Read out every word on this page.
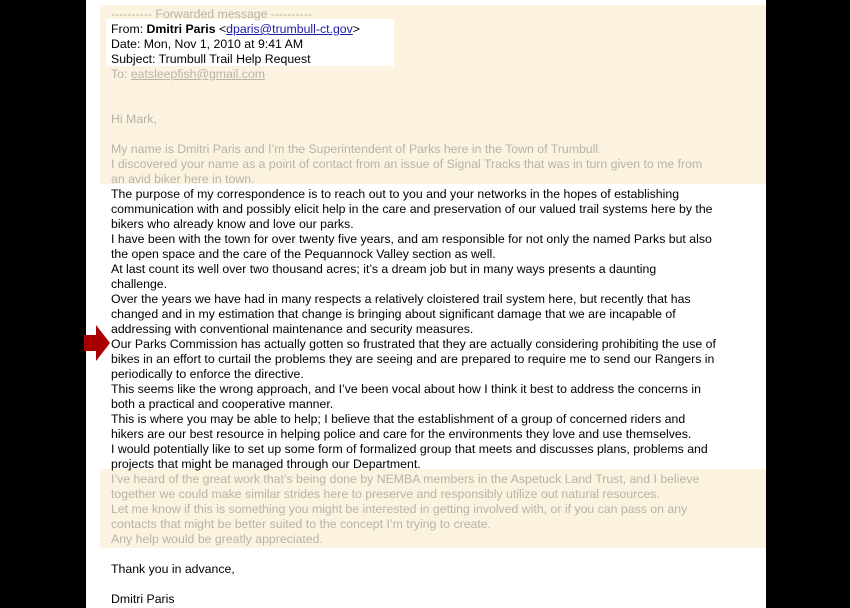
---------- Forwarded message ----------
From: Dmitri Paris <dparis@trumbull-ct.gov>
Date: Mon, Nov 1, 2010 at 9:41 AM
Subject: Trumbull Trail Help Request
To: eatsleepfish@gmail.com
Hi Mark,
My name is Dmitri Paris and I’m the Superintendent of Parks here in the Town of Trumbull.
I discovered your name as a point of contact from an issue of Signal Tracks that was in turn given to me from
an avid biker here in town.
The purpose of my correspondence is to reach out to you and your networks in the hopes of establishing
communication with and possibly elicit help in the care and preservation of our valued trail systems here by the
bikers who already know and love our parks.
I have been with the town for over twenty five years, and am responsible for not only the named Parks but also
the open space and the care of the Pequannock Valley section as well.
At last count its well over two thousand acres; it’s a dream job but in many ways presents a daunting
challenge.
Over the years we have had in many respects a relatively cloistered trail system here, but recently that has
changed and in my estimation that change is bringing about significant damage that we are incapable of
addressing with conventional maintenance and security measures.
Our Parks Commission has actually gotten so frustrated that they are actually considering prohibiting the use of
bikes in an effort to curtail the problems they are seeing and are prepared to require me to send our Rangers in
periodically to enforce the directive.
This seems like the wrong approach, and I’ve been vocal about how I think it best to address the concerns in
both a practical and cooperative manner.
This is where you may be able to help; I believe that the establishment of a group of concerned riders and
hikers are our best resource in helping police and care for the environments they love and use themselves.
I would potentially like to set up some form of formalized group that meets and discusses plans, problems and
projects that might be managed through our Department.
I’ve heard of the great work that’s being done by NEMBA members in the Aspetuck Land Trust, and I believe
together we could make similar strides here to preserve and responsibly utilize out natural resources.
Let me know if this is something you might be interested in getting involved with, or if you can pass on any
contacts that might be better suited to the concept I’m trying to create.
Any help would be greatly appreciated.
Thank you in advance,
Dmitri Paris
